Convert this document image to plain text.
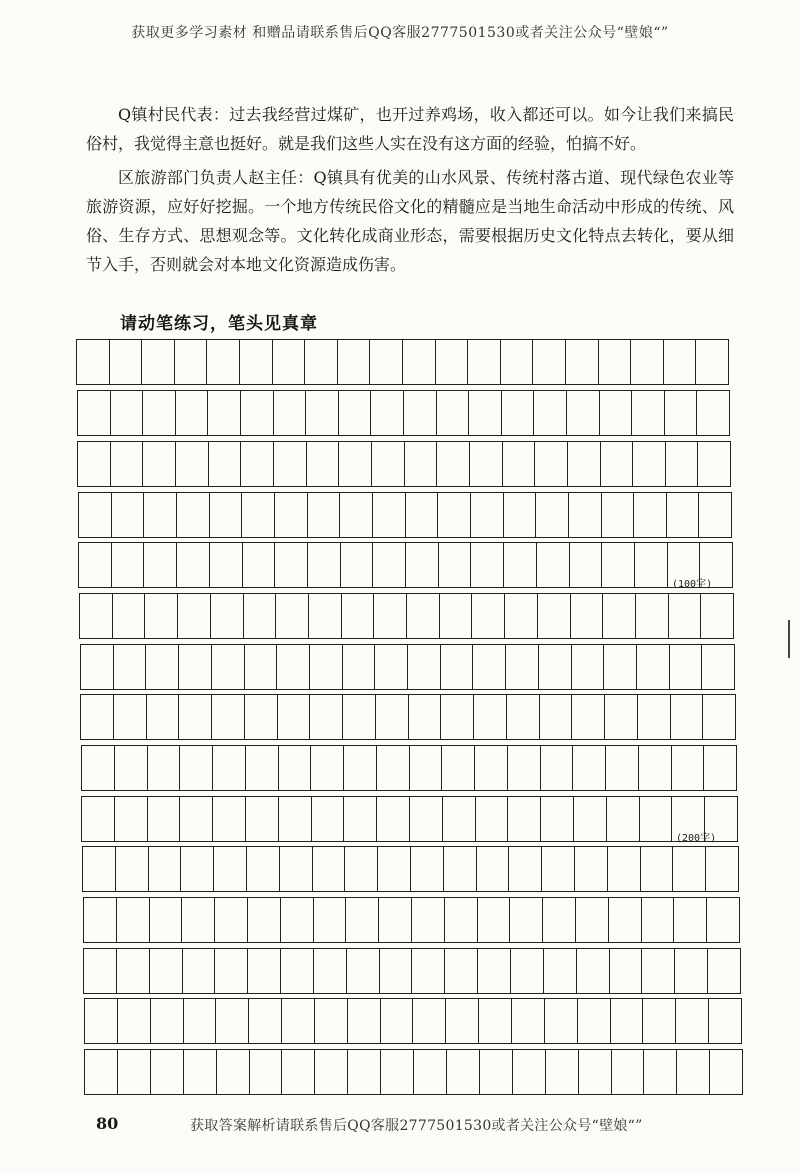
获取更多学习素材 和赠品请联系售后QQ客服2777501530或者关注公众号“壁娘“”

Q镇村民代表：过去我经营过煤矿，也开过养鸡场，收入都还可以。如今让我们来搞民俗村，我觉得主意也挺好。就是我们这些人实在没有这方面的经验，怕搞不好。

区旅游部门负责人赵主任：Q镇具有优美的山水风景、传统村落古道、现代绿色农业等旅游资源，应好好挖掘。一个地方传统民俗文化的精髓应是当地生命活动中形成的传统、风俗、生存方式、思想观念等。文化转化成商业形态，需要根据历史文化特点去转化，要从细节入手，否则就会对本地文化资源造成伤害。

请动笔练习，笔头见真章
(100字)
(200字)
80	获取答案解析请联系售后QQ客服2777501530或者关注公众号“壁娘“”
